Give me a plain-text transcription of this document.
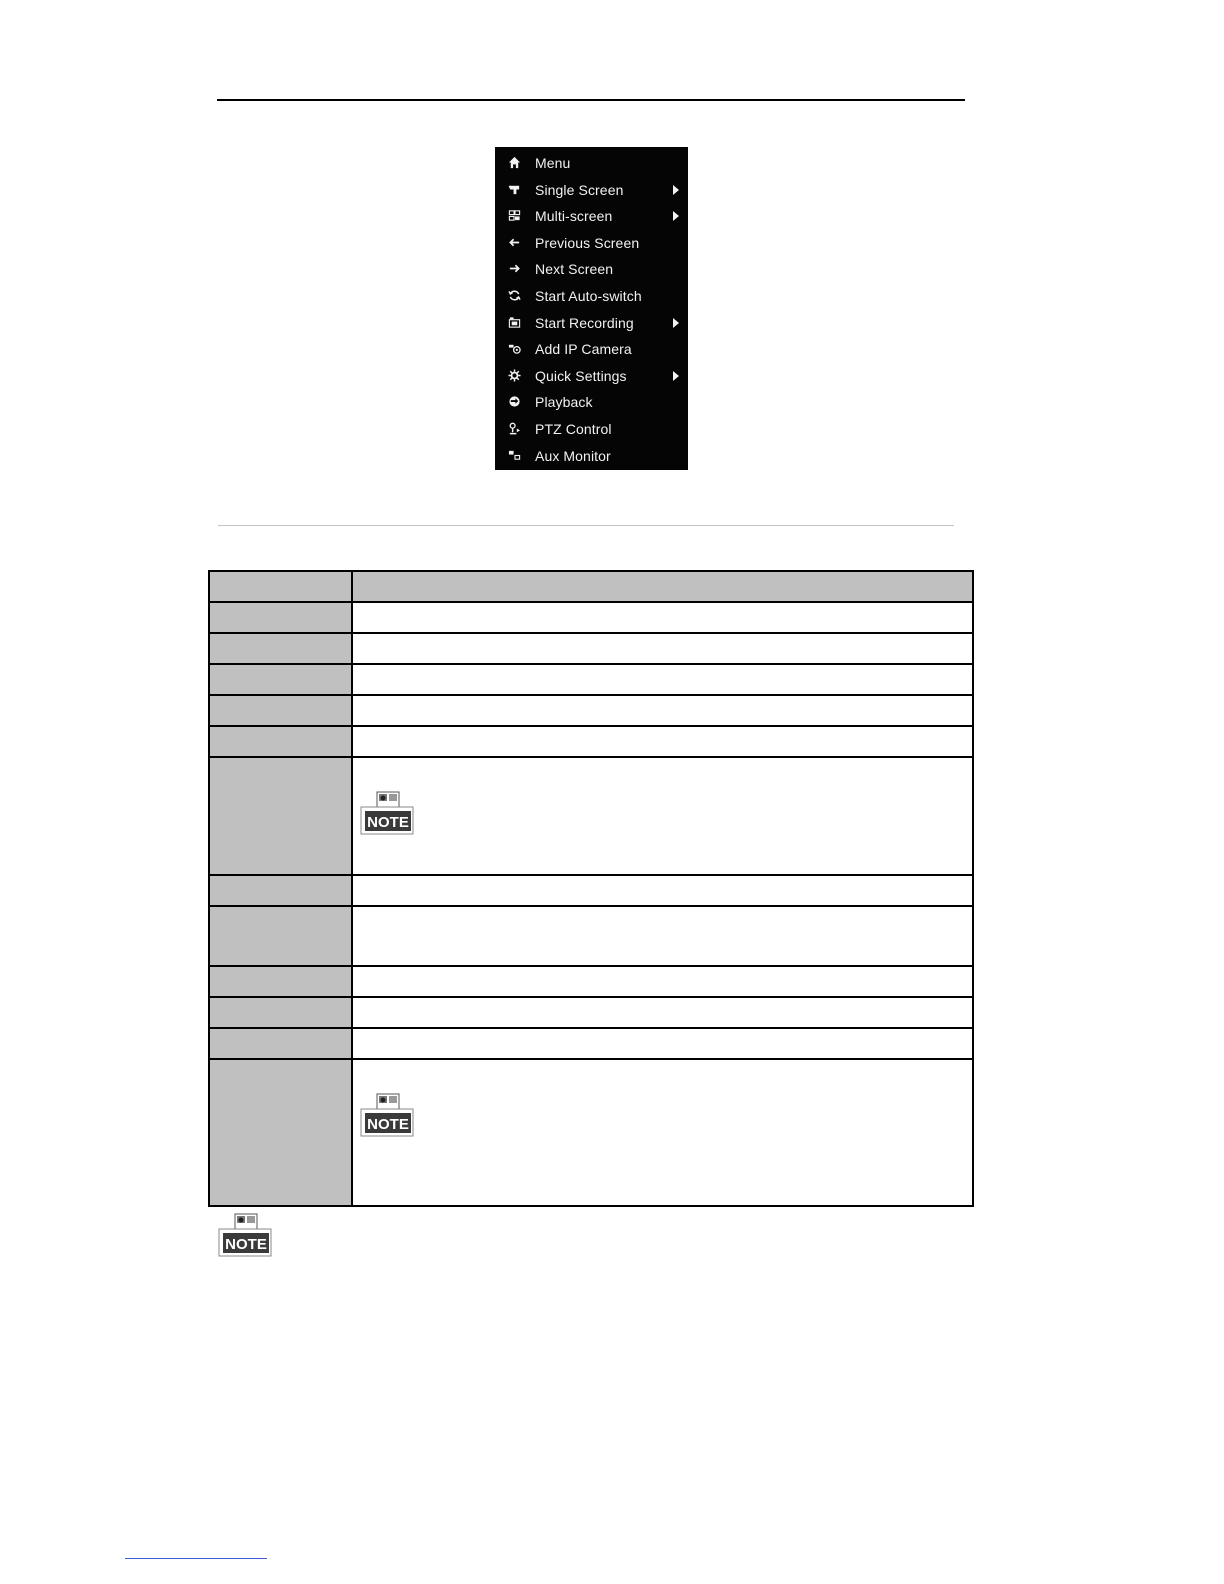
Menu
Single Screen
Multi-screen
Previous Screen
Next Screen
Start Auto-switch
Start Recording
Add IP Camera
Quick Settings
Playback
PTZ Control
Aux Monitor
NOTE
NOTE
NOTE
